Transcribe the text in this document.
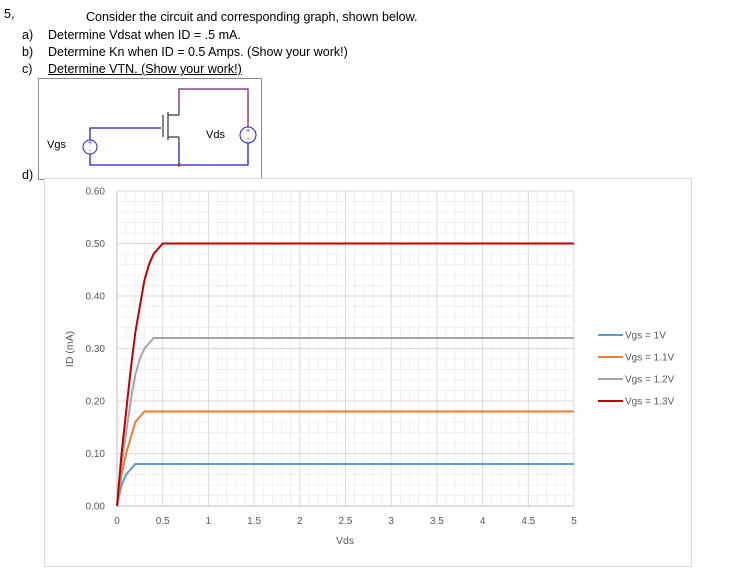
5,	Consider the circuit and corresponding graph, shown below.
a) Determine Vdsat when ID = .5 mA.
b) Determine Kn when ID = 0.5 Amps. (Show your work!)
c) Determine VTN. (Show your work!)
d)
+
-
+
-
Vgs
Vds
0	0.5	1	1.5	2	2.5	3	3.5	4	4.5	5
0.00
0.10
0.20
0.30
0.40
0.50
0.60
Vgs = 1V
Vgs = 1.1V
Vgs = 1.2V
Vgs = 1.3V
Vds
ID (mA)
